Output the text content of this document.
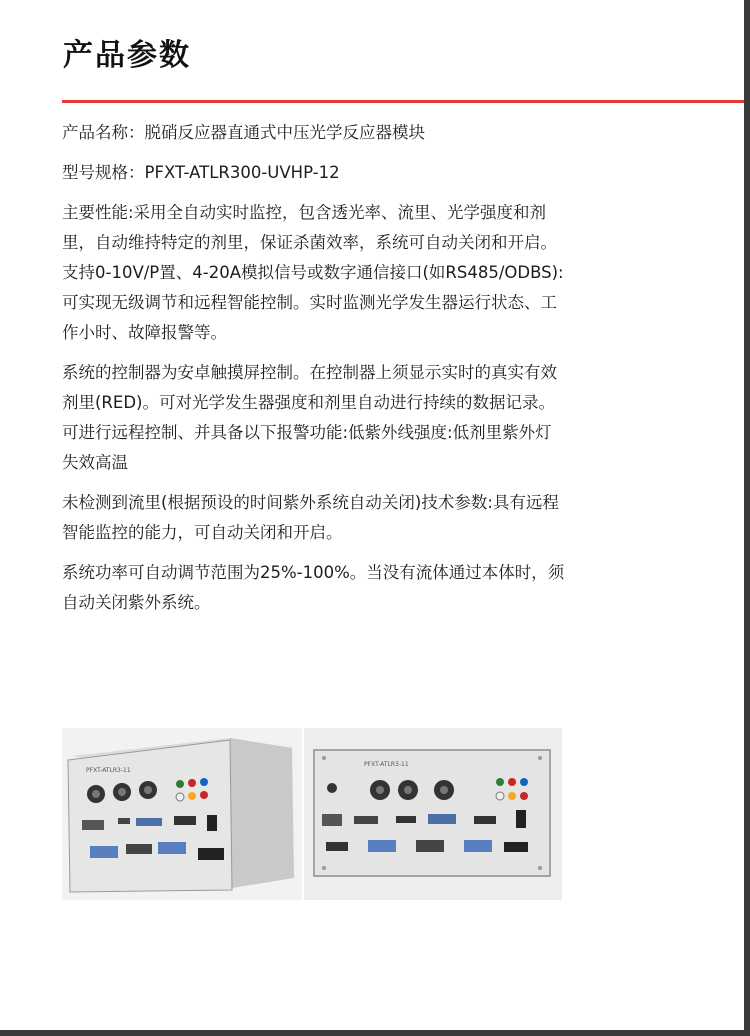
产品参数

产品名称：脱硝反应器直通式中压光学反应器模块

型号规格：PFXT-ATLR300-UVHP-12

主要性能:采用全自动实时监控，包含透光率、流里、光学强度和剂里，自动维持特定的剂里，保证杀菌效率，系统可自动关闭和开启。支持0-10V/P置、4-20A模拟信号或数字通信接口(如RS485/ODBS):可实现无级调节和远程智能控制。实时监测光学发生器运行状态、工作小时、故障报警等。

系统的控制器为安卓触摸屏控制。在控制器上须显示实时的真实有效剂里(RED)。可对光学发生器强度和剂里自动进行持续的数据记录。可进行远程控制、并具备以下报警功能:低紫外线强度:低剂里紫外灯失效高温

未检测到流里(根据预设的时间紫外系统自动关闭)技术参数:具有远程智能监控的能力，可自动关闭和开启。

系统功率可自动调节范围为25%-100%。当没有流体通过本体时，须自动关闭紫外系统。

PFXT-ATLR3-11
PFXT-ATLR3-11
